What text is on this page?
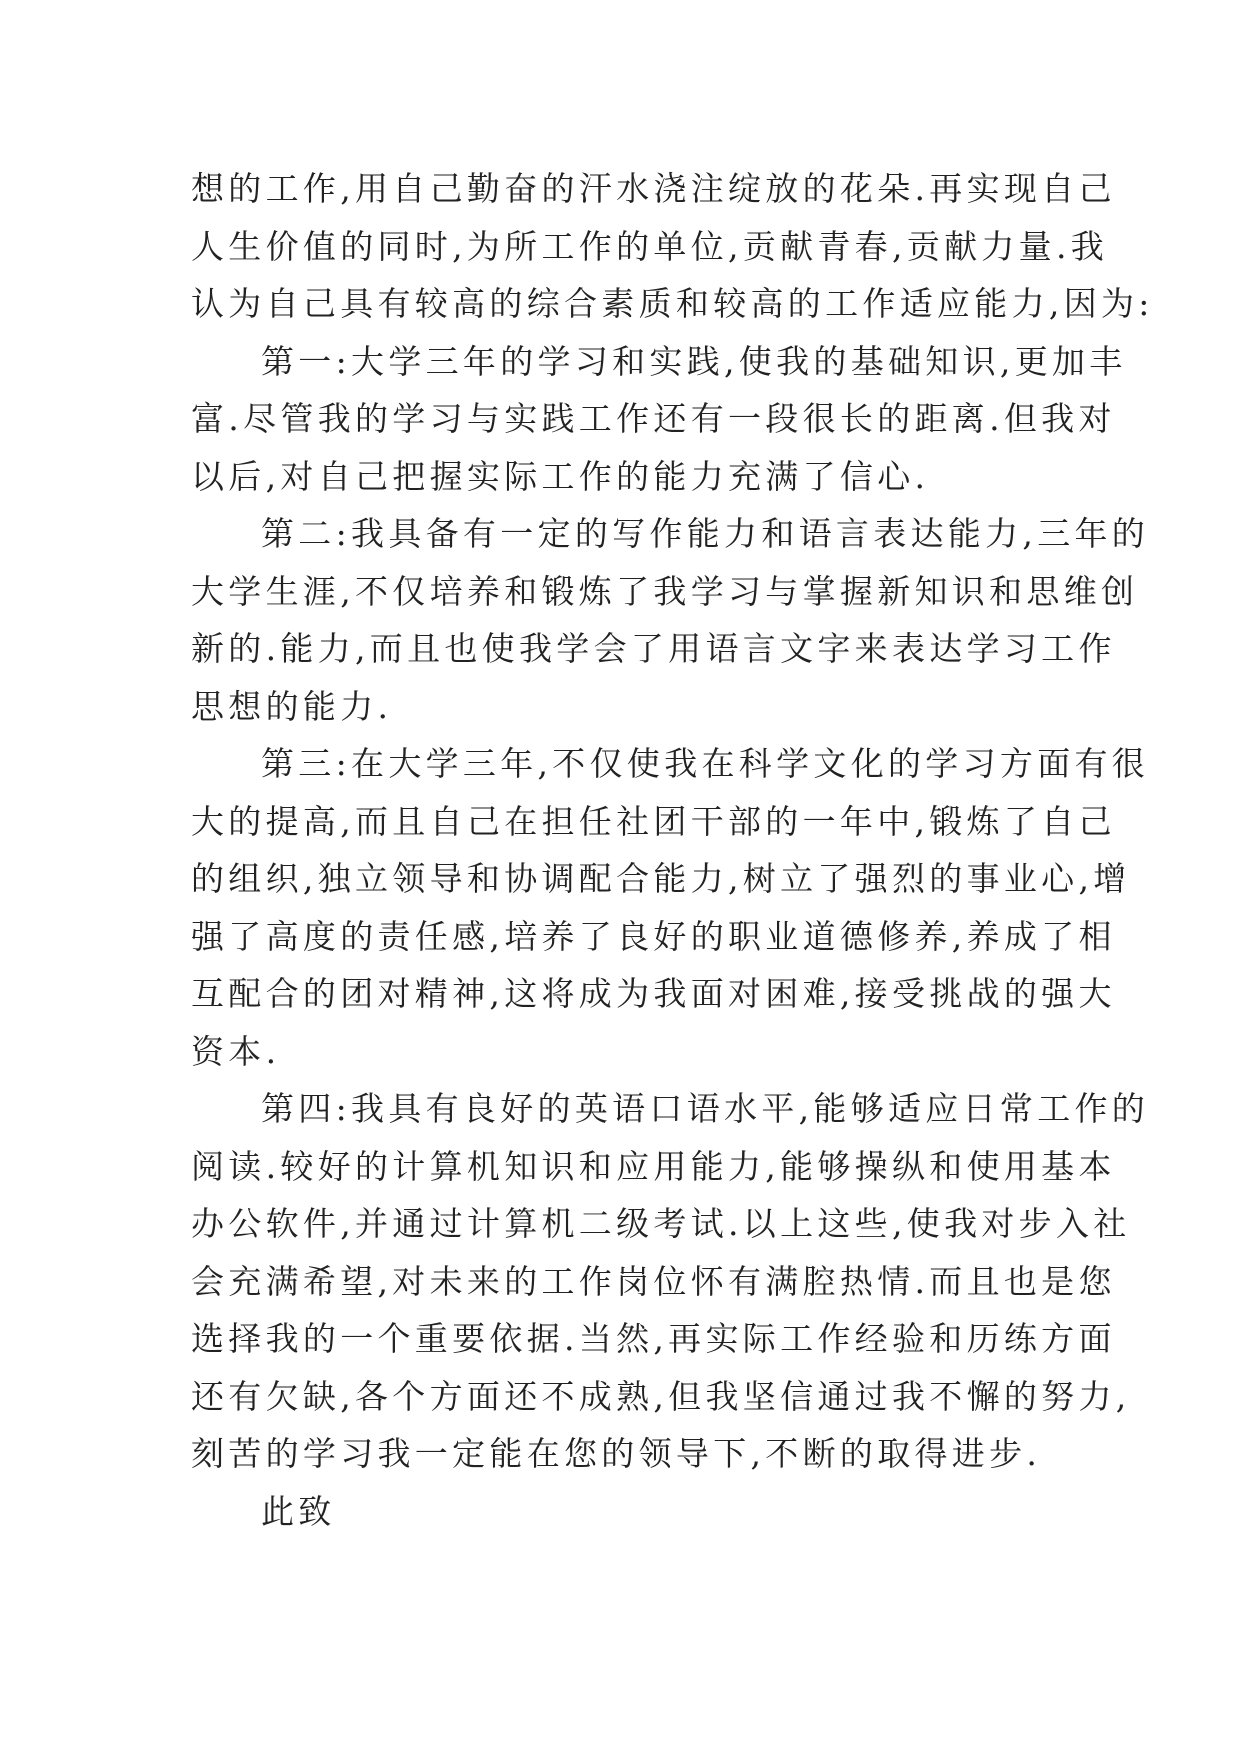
想的工作,用自己勤奋的汗水浇注绽放的花朵.再实现自己
人生价值的同时,为所工作的单位,贡献青春,贡献力量.我
认为自己具有较高的综合素质和较高的工作适应能力,因为:
第一:大学三年的学习和实践,使我的基础知识,更加丰
富.尽管我的学习与实践工作还有一段很长的距离.但我对
以后,对自己把握实际工作的能力充满了信心.
第二:我具备有一定的写作能力和语言表达能力,三年的
大学生涯,不仅培养和锻炼了我学习与掌握新知识和思维创
新的.能力,而且也使我学会了用语言文字来表达学习工作
思想的能力.
第三:在大学三年,不仅使我在科学文化的学习方面有很
大的提高,而且自己在担任社团干部的一年中,锻炼了自己
的组织,独立领导和协调配合能力,树立了强烈的事业心,增
强了高度的责任感,培养了良好的职业道德修养,养成了相
互配合的团对精神,这将成为我面对困难,接受挑战的强大
资本.
第四:我具有良好的英语口语水平,能够适应日常工作的
阅读.较好的计算机知识和应用能力,能够操纵和使用基本
办公软件,并通过计算机二级考试.以上这些,使我对步入社
会充满希望,对未来的工作岗位怀有满腔热情.而且也是您
选择我的一个重要依据.当然,再实际工作经验和历练方面
还有欠缺,各个方面还不成熟,但我坚信通过我不懈的努力,
刻苦的学习我一定能在您的领导下,不断的取得进步.
此致
